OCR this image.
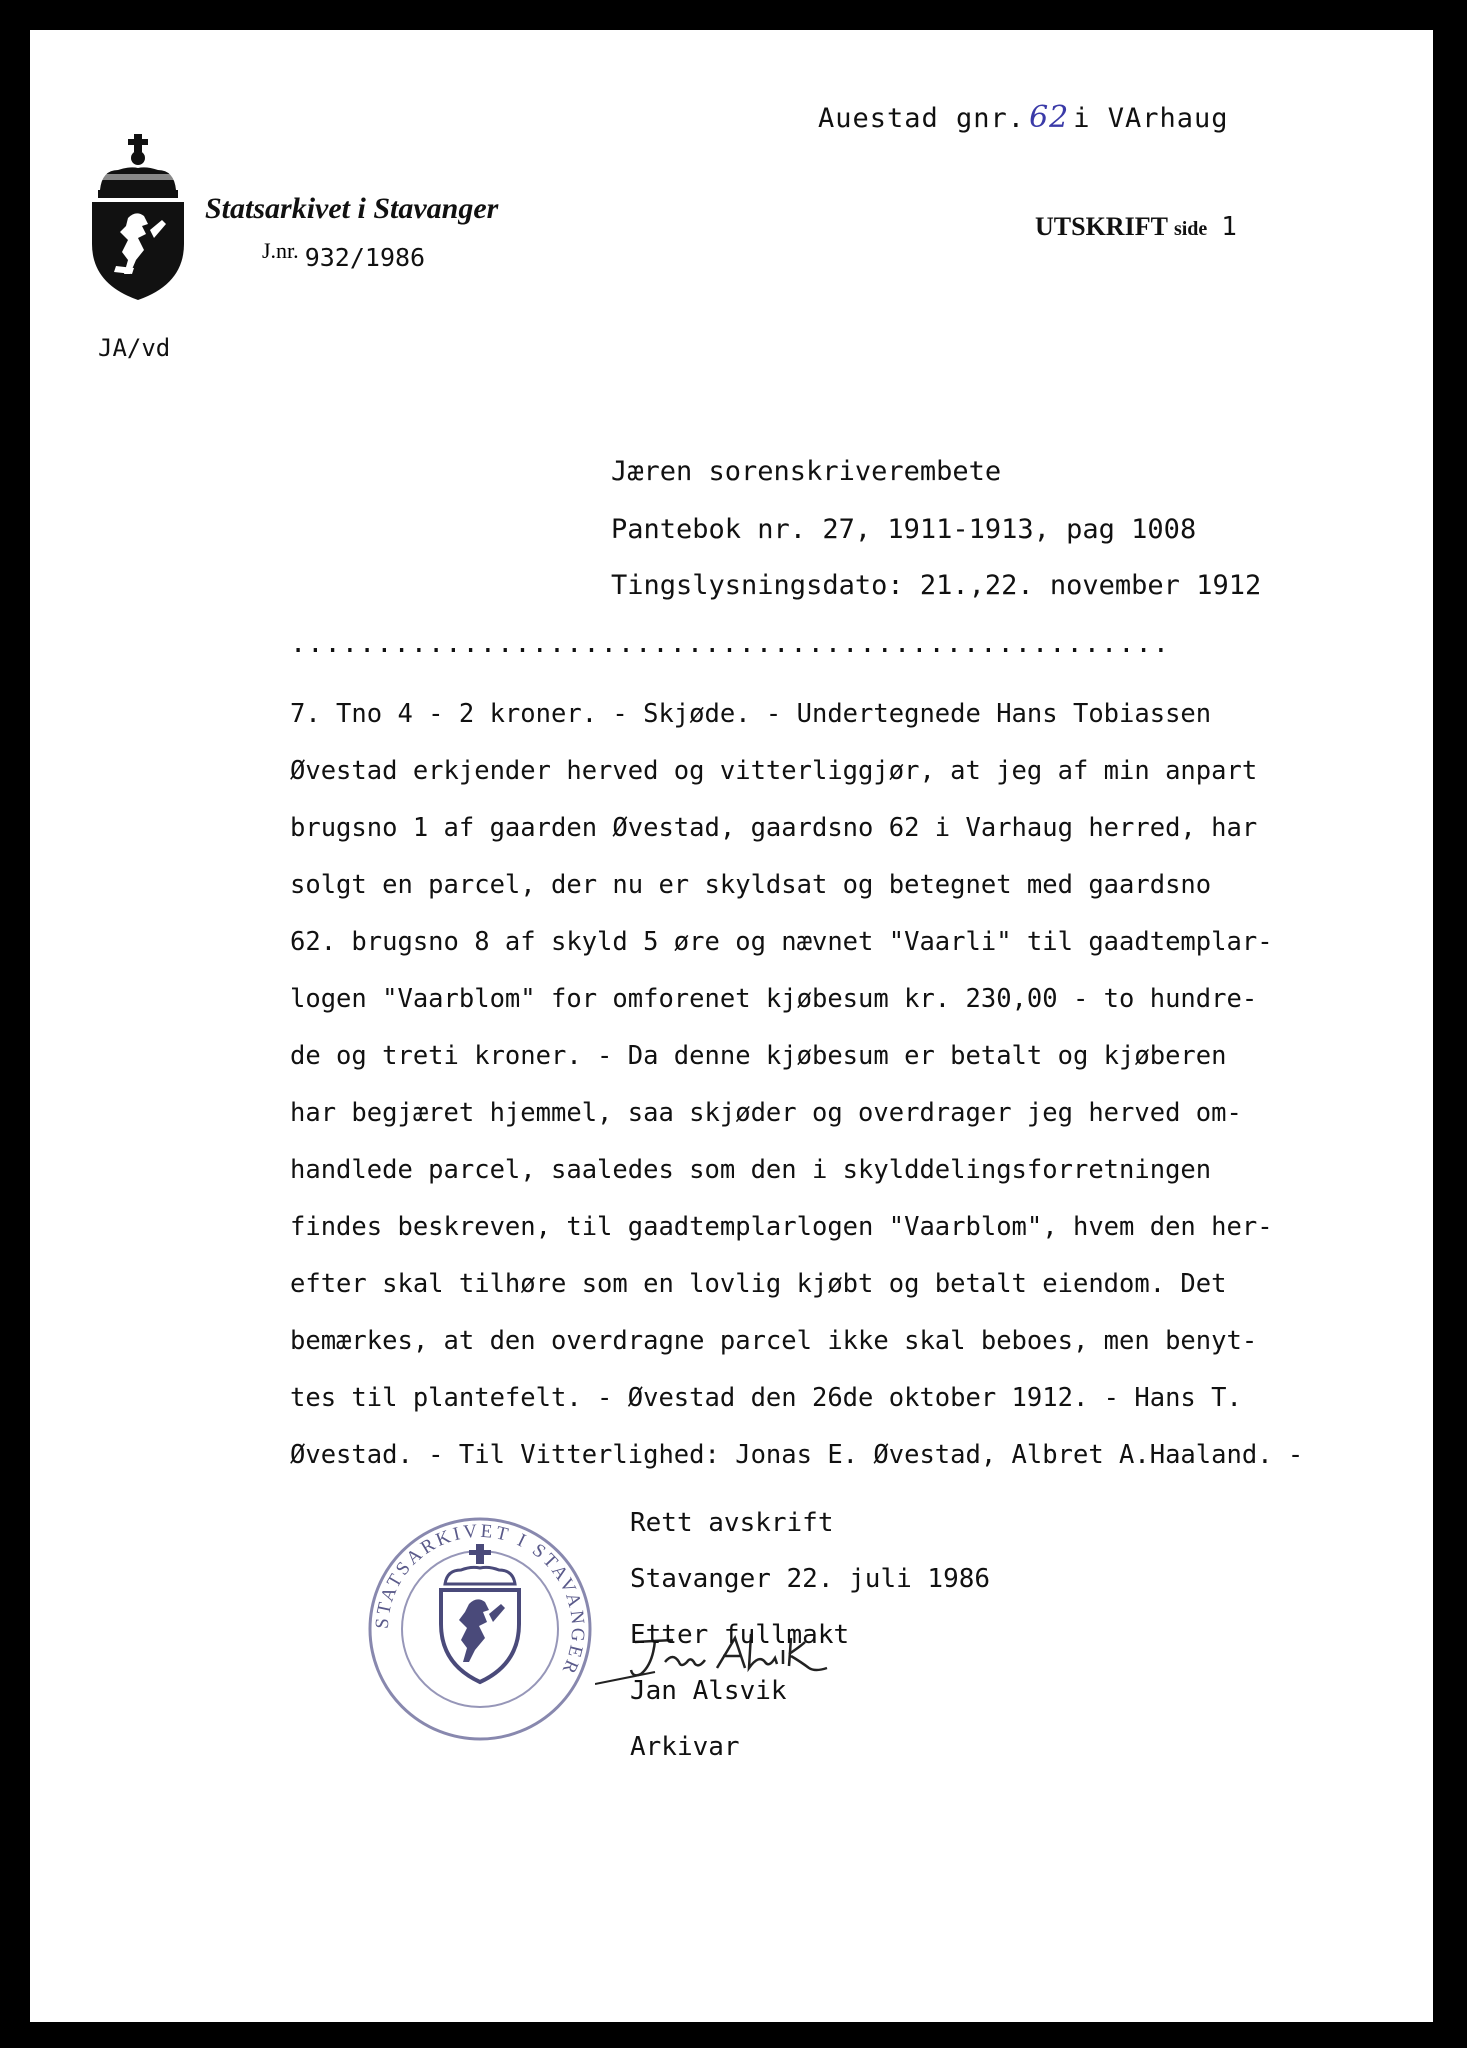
Auestad gnr. 62 i VArhaug
Statsarkivet i Stavanger
J.nr. 932/1986
UTSKRIFT side 1
JA/vd
Jæren sorenskriverembete
Pantebok nr. 27, 1911-1913, pag 1008
Tingslysningsdato: 21.,22. november 1912
...................................................
7. Tno 4 - 2 kroner. - Skjøde. - Undertegnede Hans Tobiassen
Øvestad erkjender herved og vitterliggjør, at jeg af min anpart
brugsno 1 af gaarden Øvestad, gaardsno 62 i Varhaug herred, har
solgt en parcel, der nu er skyldsat og betegnet med gaardsno
62. brugsno 8 af skyld 5 øre og nævnet "Vaarli" til gaadtemplar-
logen "Vaarblom" for omforenet kjøbesum kr. 230,00 - to hundre-
de og treti kroner. - Da denne kjøbesum er betalt og kjøberen
har begjæret hjemmel, saa skjøder og overdrager jeg herved om-
handlede parcel, saaledes som den i skylddelingsforretningen
findes beskreven, til gaadtemplarlogen "Vaarblom", hvem den her-
efter skal tilhøre som en lovlig kjøbt og betalt eiendom. Det
bemærkes, at den overdragne parcel ikke skal beboes, men benyt-
tes til plantefelt. - Øvestad den 26de oktober 1912. - Hans T.
Øvestad. - Til Vitterlighed: Jonas E. Øvestad, Albret A.Haaland. -
STATSARKIVET I STAVANGER
Rett avskrift
Stavanger 22. juli 1986
Etter fullmakt
Jan Alsvik
Arkivar
